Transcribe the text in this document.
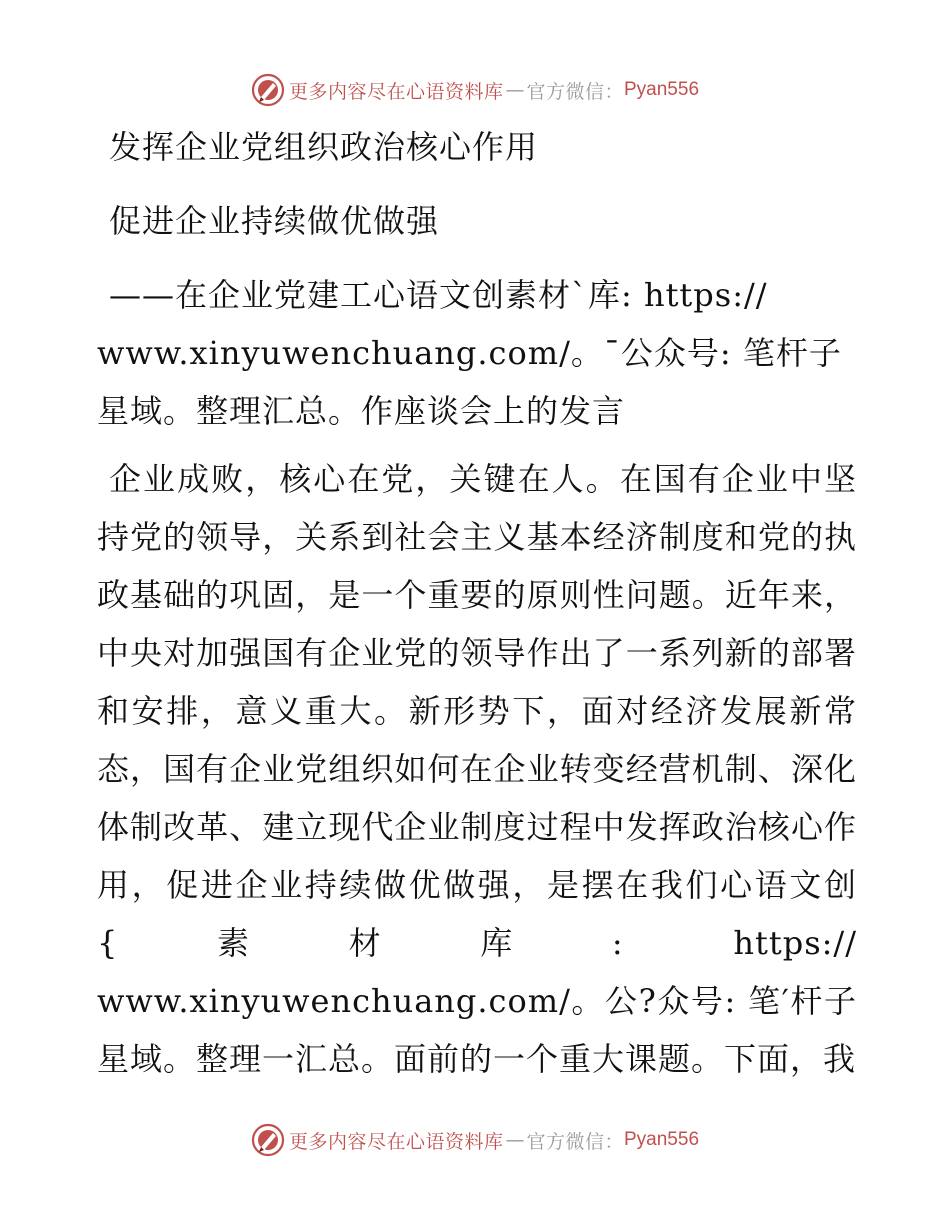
更多内容尽在心语资料库 — 官方微信： Pyan556
发挥企业党组织政治核心作用
促进企业持续做优做强

——在企业党建工心语文创素材`库: https:// www.xinyuwenchuang.com/。¯公众号: 笔杆子星域。整理汇总。作座谈会上的发言

企业成败，核心在党，关键在人。在国有企业中坚持党的领导，关系到社会主义基本经济制度和党的执政基础的巩固，是一个重要的原则性问题。近年来，中央对加强国有企业党的领导作出了一系列新的部署和安排，意义重大。新形势下，面对经济发展新常态，国有企业党组织如何在企业转变经营机制、深化体制改革、建立现代企业制度过程中发挥政治核心作用，促进企业持续做优做强，是摆在我们心语文创{素材库: https:// www.xinyuwenchuang.com/。公?众号: 笔′杆子星域。整理一汇总。面前的一个重大课题。下面，我

更多内容尽在心语资料库 — 官方微信： Pyan556
